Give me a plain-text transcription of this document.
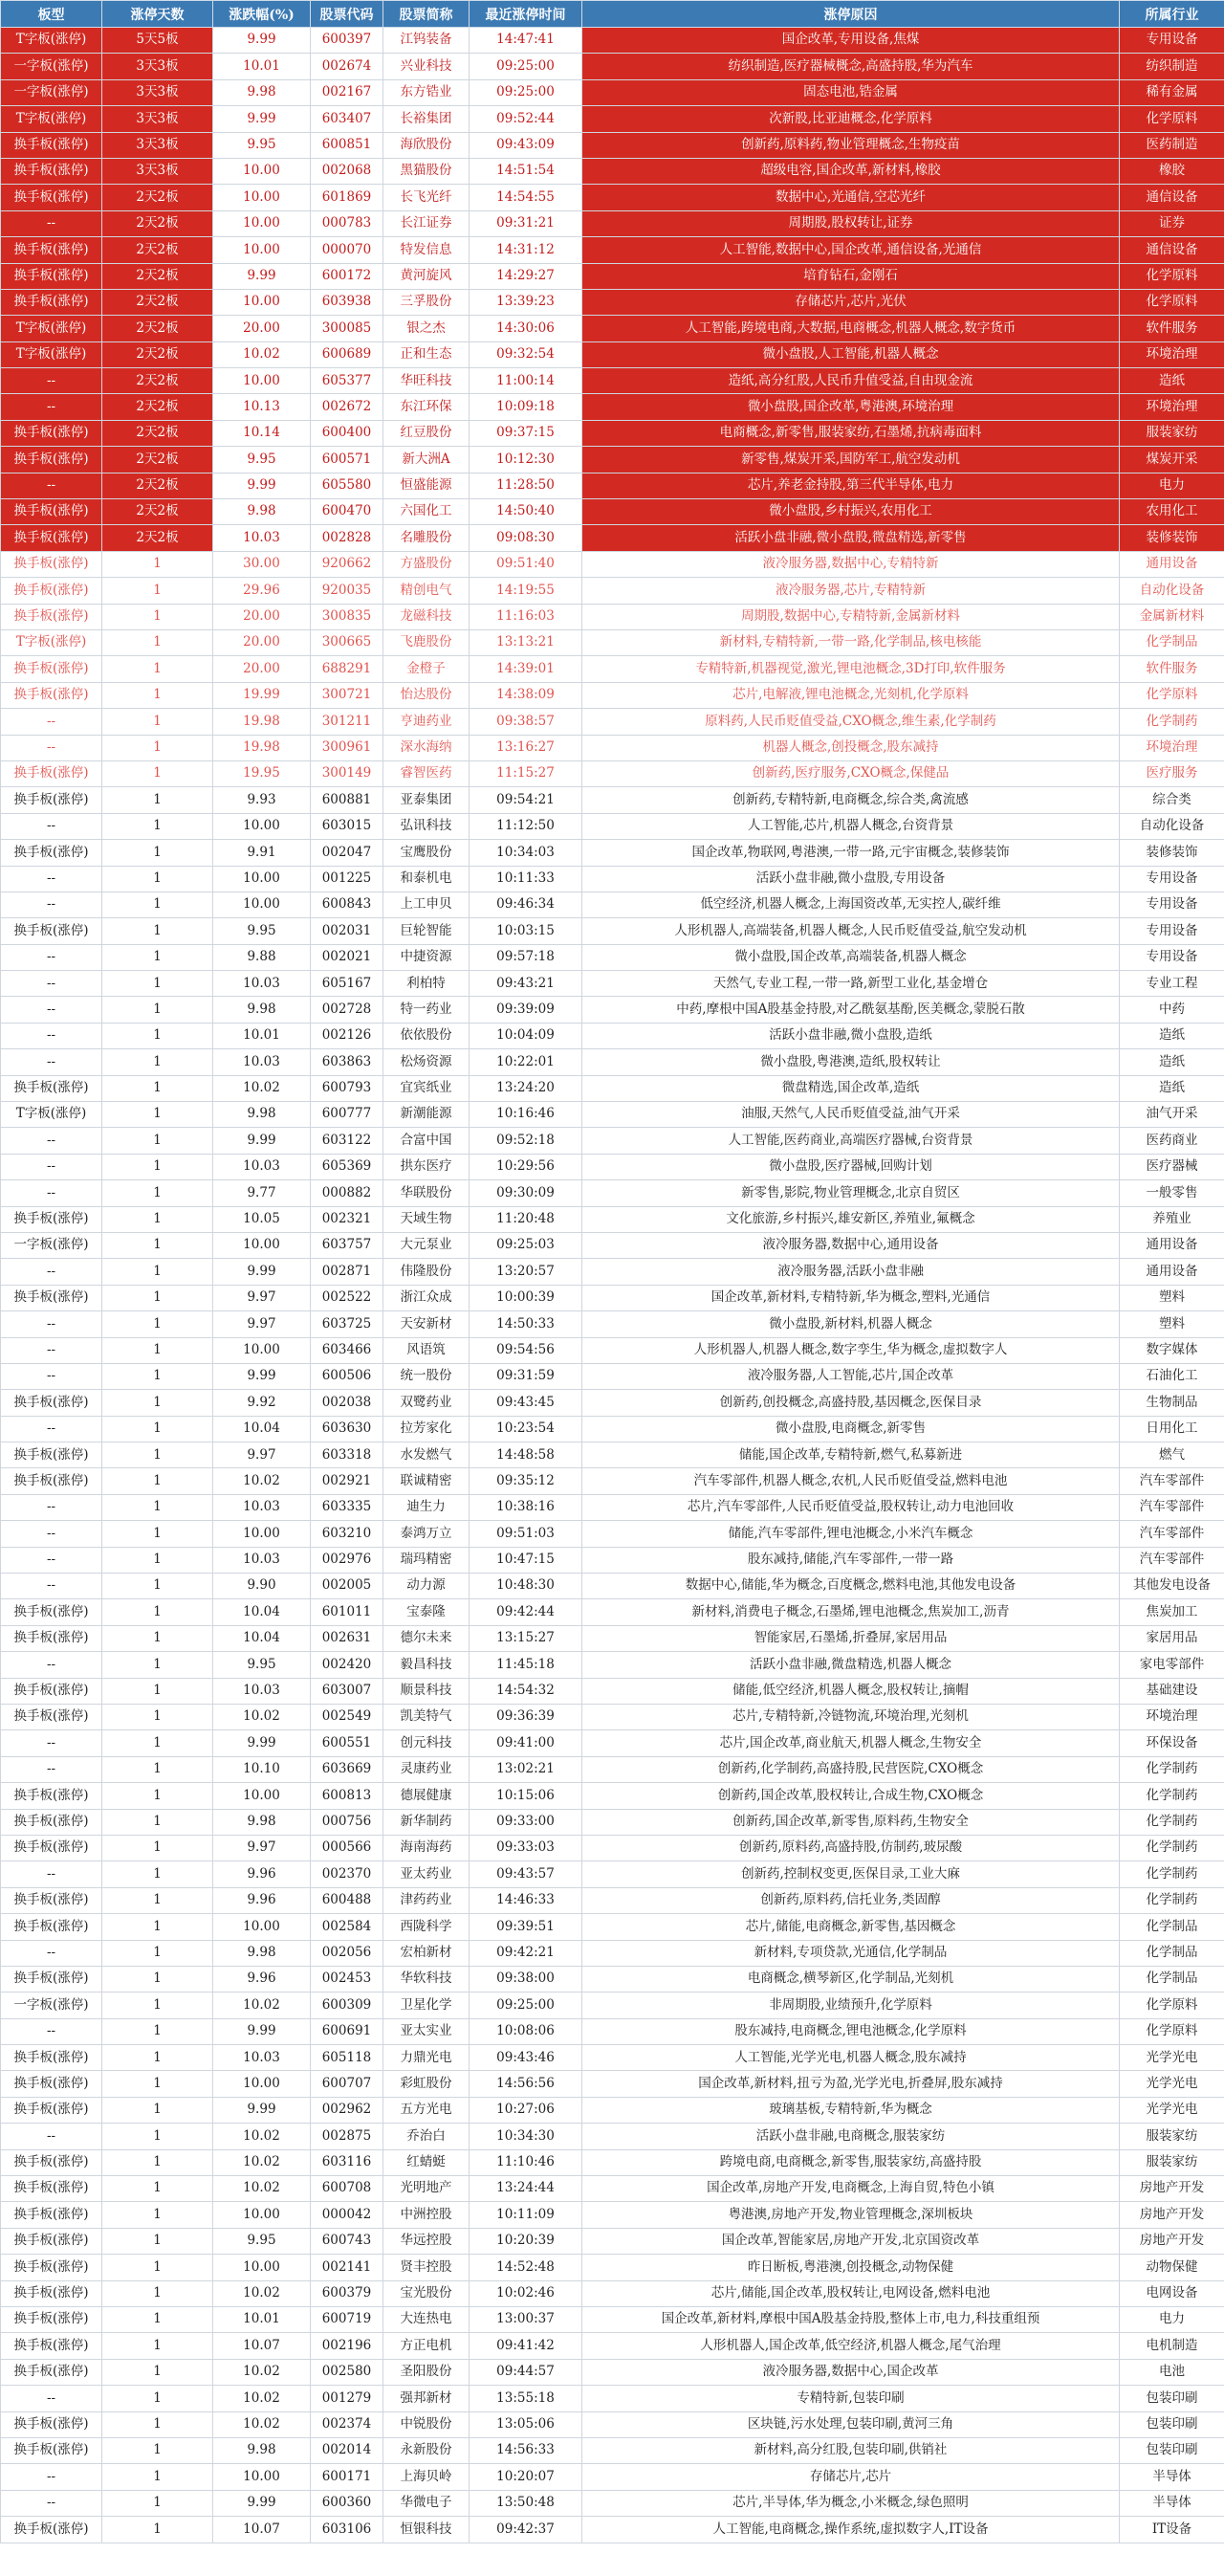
板型	涨停天数	涨跌幅(%)	股票代码	股票简称	最近涨停时间	涨停原因	所属行业
T字板(涨停)	5天5板	9.99	600397	江钨装备	14:47:41	国企改革,专用设备,焦煤	专用设备
一字板(涨停)	3天3板	10.01	002674	兴业科技	09:25:00	纺织制造,医疗器械概念,高盛持股,华为汽车	纺织制造
一字板(涨停)	3天3板	9.98	002167	东方锆业	09:25:00	固态电池,锆金属	稀有金属
T字板(涨停)	3天3板	9.99	603407	长裕集团	09:52:44	次新股,比亚迪概念,化学原料	化学原料
换手板(涨停)	3天3板	9.95	600851	海欣股份	09:43:09	创新药,原料药,物业管理概念,生物疫苗	医药制造
换手板(涨停)	3天3板	10.00	002068	黑猫股份	14:51:54	超级电容,国企改革,新材料,橡胶	橡胶
换手板(涨停)	2天2板	10.00	601869	长飞光纤	14:54:55	数据中心,光通信,空芯光纤	通信设备
--	2天2板	10.00	000783	长江证券	09:31:21	周期股,股权转让,证券	证券
换手板(涨停)	2天2板	10.00	000070	特发信息	14:31:12	人工智能,数据中心,国企改革,通信设备,光通信	通信设备
换手板(涨停)	2天2板	9.99	600172	黄河旋风	14:29:27	培育钻石,金刚石	化学原料
换手板(涨停)	2天2板	10.00	603938	三孚股份	13:39:23	存储芯片,芯片,光伏	化学原料
T字板(涨停)	2天2板	20.00	300085	银之杰	14:30:06	人工智能,跨境电商,大数据,电商概念,机器人概念,数字货币	软件服务
T字板(涨停)	2天2板	10.02	600689	正和生态	09:32:54	微小盘股,人工智能,机器人概念	环境治理
--	2天2板	10.00	605377	华旺科技	11:00:14	造纸,高分红股,人民币升值受益,自由现金流	造纸
--	2天2板	10.13	002672	东江环保	10:09:18	微小盘股,国企改革,粤港澳,环境治理	环境治理
换手板(涨停)	2天2板	10.14	600400	红豆股份	09:37:15	电商概念,新零售,服装家纺,石墨烯,抗病毒面料	服装家纺
换手板(涨停)	2天2板	9.95	600571	新大洲A	10:12:30	新零售,煤炭开采,国防军工,航空发动机	煤炭开采
--	2天2板	9.99	605580	恒盛能源	11:28:50	芯片,养老金持股,第三代半导体,电力	电力
换手板(涨停)	2天2板	9.98	600470	六国化工	14:50:40	微小盘股,乡村振兴,农用化工	农用化工
换手板(涨停)	2天2板	10.03	002828	名雕股份	09:08:30	活跃小盘非融,微小盘股,微盘精选,新零售	装修装饰
换手板(涨停)	1	30.00	920662	方盛股份	09:51:40	液冷服务器,数据中心,专精特新	通用设备
换手板(涨停)	1	29.96	920035	精创电气	14:19:55	液冷服务器,芯片,专精特新	自动化设备
换手板(涨停)	1	20.00	300835	龙磁科技	11:16:03	周期股,数据中心,专精特新,金属新材料	金属新材料
T字板(涨停)	1	20.00	300665	飞鹿股份	13:13:21	新材料,专精特新,一带一路,化学制品,核电核能	化学制品
换手板(涨停)	1	20.00	688291	金橙子	14:39:01	专精特新,机器视觉,激光,锂电池概念,3D打印,软件服务	软件服务
换手板(涨停)	1	19.99	300721	怡达股份	14:38:09	芯片,电解液,锂电池概念,光刻机,化学原料	化学原料
--	1	19.98	301211	亨迪药业	09:38:57	原料药,人民币贬值受益,CXO概念,维生素,化学制药	化学制药
--	1	19.98	300961	深水海纳	13:16:27	机器人概念,创投概念,股东减持	环境治理
换手板(涨停)	1	19.95	300149	睿智医药	11:15:27	创新药,医疗服务,CXO概念,保健品	医疗服务
换手板(涨停)	1	9.93	600881	亚泰集团	09:54:21	创新药,专精特新,电商概念,综合类,禽流感	综合类
--	1	10.00	603015	弘讯科技	11:12:50	人工智能,芯片,机器人概念,台资背景	自动化设备
换手板(涨停)	1	9.91	002047	宝鹰股份	10:34:03	国企改革,物联网,粤港澳,一带一路,元宇宙概念,装修装饰	装修装饰
--	1	10.00	001225	和泰机电	10:11:33	活跃小盘非融,微小盘股,专用设备	专用设备
--	1	10.00	600843	上工申贝	09:46:34	低空经济,机器人概念,上海国资改革,无实控人,碳纤维	专用设备
换手板(涨停)	1	9.95	002031	巨轮智能	10:03:15	人形机器人,高端装备,机器人概念,人民币贬值受益,航空发动机	专用设备
--	1	9.88	002021	中捷资源	09:57:18	微小盘股,国企改革,高端装备,机器人概念	专用设备
--	1	10.03	605167	利柏特	09:43:21	天然气,专业工程,一带一路,新型工业化,基金增仓	专业工程
--	1	9.98	002728	特一药业	09:39:09	中药,摩根中国A股基金持股,对乙酰氨基酚,医美概念,蒙脱石散	中药
--	1	10.01	002126	依依股份	10:04:09	活跃小盘非融,微小盘股,造纸	造纸
--	1	10.03	603863	松炀资源	10:22:01	微小盘股,粤港澳,造纸,股权转让	造纸
换手板(涨停)	1	10.02	600793	宜宾纸业	13:24:20	微盘精选,国企改革,造纸	造纸
T字板(涨停)	1	9.98	600777	新潮能源	10:16:46	油服,天然气,人民币贬值受益,油气开采	油气开采
--	1	9.99	603122	合富中国	09:52:18	人工智能,医药商业,高端医疗器械,台资背景	医药商业
--	1	10.03	605369	拱东医疗	10:29:56	微小盘股,医疗器械,回购计划	医疗器械
--	1	9.77	000882	华联股份	09:30:09	新零售,影院,物业管理概念,北京自贸区	一般零售
换手板(涨停)	1	10.05	002321	天域生物	11:20:48	文化旅游,乡村振兴,雄安新区,养殖业,氟概念	养殖业
一字板(涨停)	1	10.00	603757	大元泵业	09:25:03	液冷服务器,数据中心,通用设备	通用设备
--	1	9.99	002871	伟隆股份	13:20:57	液冷服务器,活跃小盘非融	通用设备
换手板(涨停)	1	9.97	002522	浙江众成	10:00:39	国企改革,新材料,专精特新,华为概念,塑料,光通信	塑料
--	1	9.97	603725	天安新材	14:50:33	微小盘股,新材料,机器人概念	塑料
--	1	10.00	603466	风语筑	09:54:56	人形机器人,机器人概念,数字孪生,华为概念,虚拟数字人	数字媒体
--	1	9.99	600506	统一股份	09:31:59	液冷服务器,人工智能,芯片,国企改革	石油化工
换手板(涨停)	1	9.92	002038	双鹭药业	09:43:45	创新药,创投概念,高盛持股,基因概念,医保目录	生物制品
--	1	10.04	603630	拉芳家化	10:23:54	微小盘股,电商概念,新零售	日用化工
换手板(涨停)	1	9.97	603318	水发燃气	14:48:58	储能,国企改革,专精特新,燃气,私募新进	燃气
换手板(涨停)	1	10.02	002921	联诚精密	09:35:12	汽车零部件,机器人概念,农机,人民币贬值受益,燃料电池	汽车零部件
--	1	10.03	603335	迪生力	10:38:16	芯片,汽车零部件,人民币贬值受益,股权转让,动力电池回收	汽车零部件
--	1	10.00	603210	泰鸿万立	09:51:03	储能,汽车零部件,锂电池概念,小米汽车概念	汽车零部件
--	1	10.03	002976	瑞玛精密	10:47:15	股东减持,储能,汽车零部件,一带一路	汽车零部件
--	1	9.90	002005	动力源	10:48:30	数据中心,储能,华为概念,百度概念,燃料电池,其他发电设备	其他发电设备
换手板(涨停)	1	10.04	601011	宝泰隆	09:42:44	新材料,消费电子概念,石墨烯,锂电池概念,焦炭加工,沥青	焦炭加工
换手板(涨停)	1	10.04	002631	德尔未来	13:15:27	智能家居,石墨烯,折叠屏,家居用品	家居用品
--	1	9.95	002420	毅昌科技	11:45:18	活跃小盘非融,微盘精选,机器人概念	家电零部件
换手板(涨停)	1	10.03	603007	顺景科技	14:54:32	储能,低空经济,机器人概念,股权转让,摘帽	基础建设
换手板(涨停)	1	10.02	002549	凯美特气	09:36:39	芯片,专精特新,冷链物流,环境治理,光刻机	环境治理
--	1	9.99	600551	创元科技	09:41:00	芯片,国企改革,商业航天,机器人概念,生物安全	环保设备
--	1	10.10	603669	灵康药业	13:02:21	创新药,化学制药,高盛持股,民营医院,CXO概念	化学制药
换手板(涨停)	1	10.00	600813	德展健康	10:15:06	创新药,国企改革,股权转让,合成生物,CXO概念	化学制药
换手板(涨停)	1	9.98	000756	新华制药	09:33:00	创新药,国企改革,新零售,原料药,生物安全	化学制药
换手板(涨停)	1	9.97	000566	海南海药	09:33:03	创新药,原料药,高盛持股,仿制药,玻尿酸	化学制药
--	1	9.96	002370	亚太药业	09:43:57	创新药,控制权变更,医保目录,工业大麻	化学制药
换手板(涨停)	1	9.96	600488	津药药业	14:46:33	创新药,原料药,信托业务,类固醇	化学制药
换手板(涨停)	1	10.00	002584	西陇科学	09:39:51	芯片,储能,电商概念,新零售,基因概念	化学制品
--	1	9.98	002056	宏柏新材	09:42:21	新材料,专项贷款,光通信,化学制品	化学制品
换手板(涨停)	1	9.96	002453	华软科技	09:38:00	电商概念,横琴新区,化学制品,光刻机	化学制品
一字板(涨停)	1	10.02	600309	卫星化学	09:25:00	非周期股,业绩预升,化学原料	化学原料
--	1	9.99	600691	亚太实业	10:08:06	股东减持,电商概念,锂电池概念,化学原料	化学原料
换手板(涨停)	1	10.03	605118	力鼎光电	09:43:46	人工智能,光学光电,机器人概念,股东减持	光学光电
换手板(涨停)	1	10.00	600707	彩虹股份	14:56:56	国企改革,新材料,扭亏为盈,光学光电,折叠屏,股东减持	光学光电
换手板(涨停)	1	9.99	002962	五方光电	10:27:06	玻璃基板,专精特新,华为概念	光学光电
--	1	10.02	002875	乔治白	10:34:30	活跃小盘非融,电商概念,服装家纺	服装家纺
换手板(涨停)	1	10.02	603116	红蜻蜓	11:10:46	跨境电商,电商概念,新零售,服装家纺,高盛持股	服装家纺
换手板(涨停)	1	10.02	600708	光明地产	13:24:44	国企改革,房地产开发,电商概念,上海自贸,特色小镇	房地产开发
换手板(涨停)	1	10.00	000042	中洲控股	10:11:09	粤港澳,房地产开发,物业管理概念,深圳板块	房地产开发
换手板(涨停)	1	9.95	600743	华远控股	10:20:39	国企改革,智能家居,房地产开发,北京国资改革	房地产开发
换手板(涨停)	1	10.00	002141	贤丰控股	14:52:48	昨日断板,粤港澳,创投概念,动物保健	动物保健
换手板(涨停)	1	10.02	600379	宝光股份	10:02:46	芯片,储能,国企改革,股权转让,电网设备,燃料电池	电网设备
换手板(涨停)	1	10.01	600719	大连热电	13:00:37	国企改革,新材料,摩根中国A股基金持股,整体上市,电力,科技重组预	电力
换手板(涨停)	1	10.07	002196	方正电机	09:41:42	人形机器人,国企改革,低空经济,机器人概念,尾气治理	电机制造
换手板(涨停)	1	10.02	002580	圣阳股份	09:44:57	液冷服务器,数据中心,国企改革	电池
--	1	10.02	001279	强邦新材	13:55:18	专精特新,包装印刷	包装印刷
换手板(涨停)	1	10.02	002374	中锐股份	13:05:06	区块链,污水处理,包装印刷,黄河三角	包装印刷
换手板(涨停)	1	9.98	002014	永新股份	14:56:33	新材料,高分红股,包装印刷,供销社	包装印刷
--	1	10.00	600171	上海贝岭	10:20:07	存储芯片,芯片	半导体
--	1	9.99	600360	华微电子	13:50:48	芯片,半导体,华为概念,小米概念,绿色照明	半导体
换手板(涨停)	1	10.07	603106	恒银科技	09:42:37	人工智能,电商概念,操作系统,虚拟数字人,IT设备	IT设备
